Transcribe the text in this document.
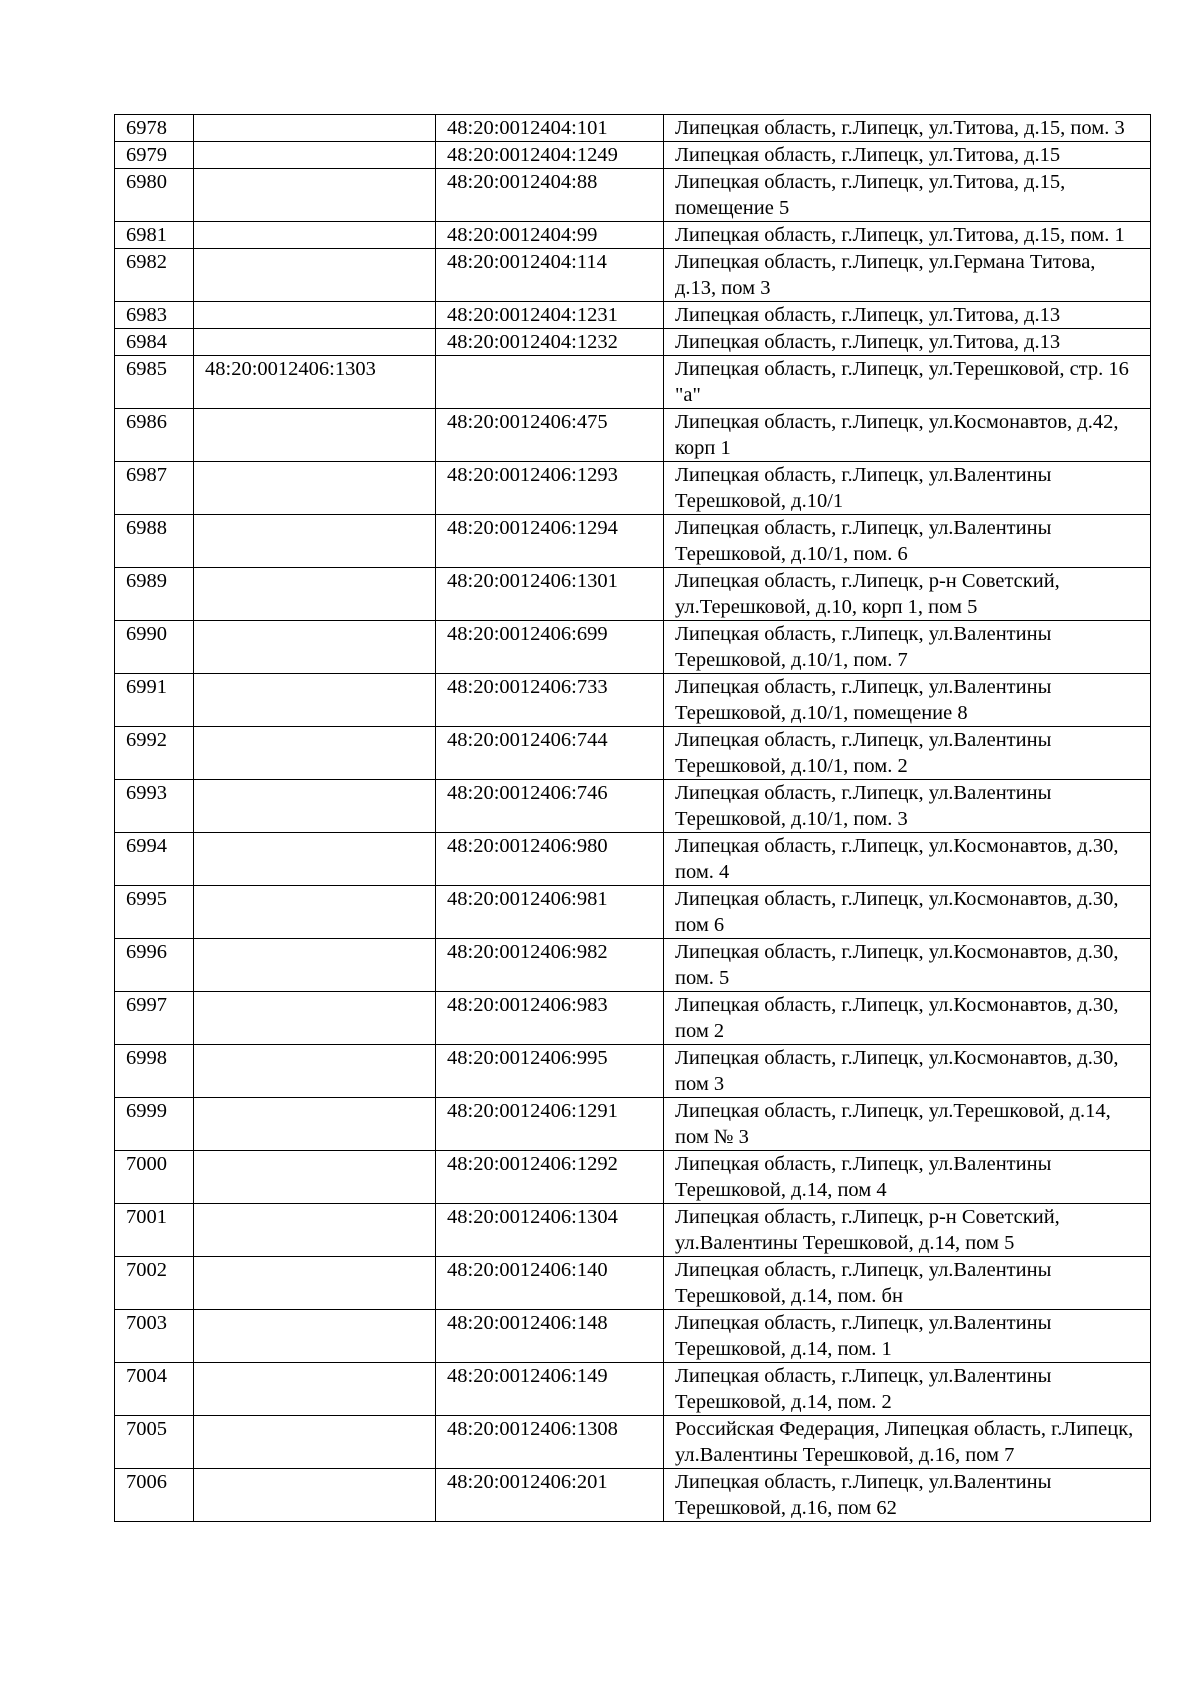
6978		48:20:0012404:101	Липецкая область, г.Липецк, ул.Титова, д.15, пом. 3
6979		48:20:0012404:1249	Липецкая область, г.Липецк, ул.Титова, д.15
6980		48:20:0012404:88	Липецкая область, г.Липецк, ул.Титова, д.15, помещение 5
6981		48:20:0012404:99	Липецкая область, г.Липецк, ул.Титова, д.15, пом. 1
6982		48:20:0012404:114	Липецкая область, г.Липецк, ул.Германа Титова, д.13, пом 3
6983		48:20:0012404:1231	Липецкая область, г.Липецк, ул.Титова, д.13
6984		48:20:0012404:1232	Липецкая область, г.Липецк, ул.Титова, д.13
6985	48:20:0012406:1303		Липецкая область, г.Липецк, ул.Терешковой, стр. 16 "а"
6986		48:20:0012406:475	Липецкая область, г.Липецк, ул.Космонавтов, д.42, корп 1
6987		48:20:0012406:1293	Липецкая область, г.Липецк, ул.Валентины Терешковой, д.10/1
6988		48:20:0012406:1294	Липецкая область, г.Липецк, ул.Валентины Терешковой, д.10/1, пом. 6
6989		48:20:0012406:1301	Липецкая область, г.Липецк, р-н Советский, ул.Терешковой, д.10, корп 1, пом 5
6990		48:20:0012406:699	Липецкая область, г.Липецк, ул.Валентины Терешковой, д.10/1, пом. 7
6991		48:20:0012406:733	Липецкая область, г.Липецк, ул.Валентины Терешковой, д.10/1, помещение 8
6992		48:20:0012406:744	Липецкая область, г.Липецк, ул.Валентины Терешковой, д.10/1, пом. 2
6993		48:20:0012406:746	Липецкая область, г.Липецк, ул.Валентины Терешковой, д.10/1, пом. 3
6994		48:20:0012406:980	Липецкая область, г.Липецк, ул.Космонавтов, д.30, пом. 4
6995		48:20:0012406:981	Липецкая область, г.Липецк, ул.Космонавтов, д.30, пом 6
6996		48:20:0012406:982	Липецкая область, г.Липецк, ул.Космонавтов, д.30, пом. 5
6997		48:20:0012406:983	Липецкая область, г.Липецк, ул.Космонавтов, д.30, пом 2
6998		48:20:0012406:995	Липецкая область, г.Липецк, ул.Космонавтов, д.30, пом 3
6999		48:20:0012406:1291	Липецкая область, г.Липецк, ул.Терешковой, д.14, пом № 3
7000		48:20:0012406:1292	Липецкая область, г.Липецк, ул.Валентины Терешковой, д.14, пом 4
7001		48:20:0012406:1304	Липецкая область, г.Липецк, р-н Советский, ул.Валентины Терешковой, д.14, пом 5
7002		48:20:0012406:140	Липецкая область, г.Липецк, ул.Валентины Терешковой, д.14, пом. бн
7003		48:20:0012406:148	Липецкая область, г.Липецк, ул.Валентины Терешковой, д.14, пом. 1
7004		48:20:0012406:149	Липецкая область, г.Липецк, ул.Валентины Терешковой, д.14, пом. 2
7005		48:20:0012406:1308	Российская Федерация, Липецкая область, г.Липецк, ул.Валентины Терешковой, д.16, пом 7
7006		48:20:0012406:201	Липецкая область, г.Липецк, ул.Валентины Терешковой, д.16, пом 62
